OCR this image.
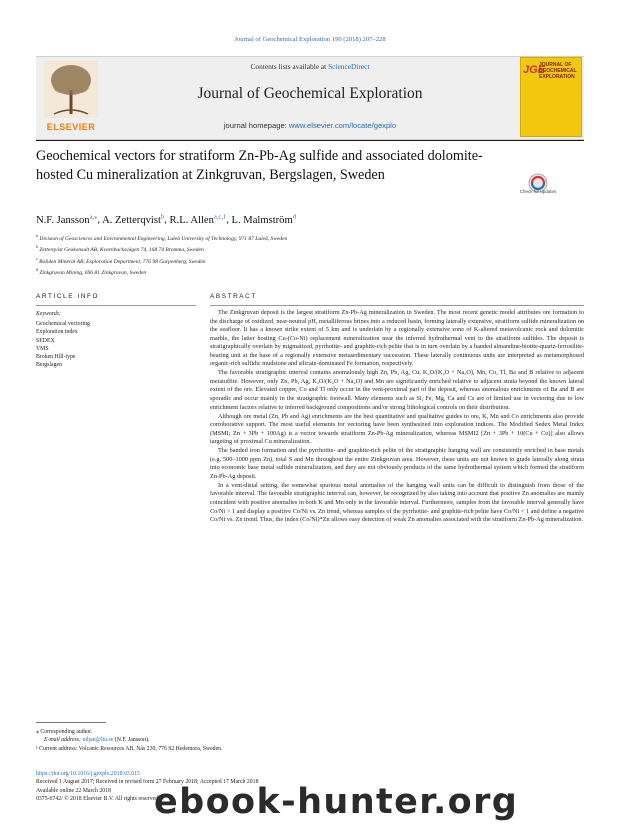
Journal of Geochemical Exploration 190 (2018) 207–228
ELSEVIER
Contents lists available at ScienceDirect
Journal of Geochemical Exploration
journal homepage: www.elsevier.com/locate/gexplo
JGE
JOURNAL OF GEOCHEMICAL EXPLORATION
Geochemical vectors for stratiform Zn-Pb-Ag sulfide and associated dolomite-hosted Cu mineralization at Zinkgruvan, Bergslagen, Sweden
Check for updates
N.F. Jansson$^{a,⁎}$, A. Zetterqvist$^b$, R.L. Allen$^{a,c,1}$, L. Malmström$^d$
$^a$ Division of Geosciences and Environmental Engineering, Luleå University of Technology, 971 87 Luleå, Sweden
$^b$ Zetterqvist Geokonsult AB, Kvarnbacksvägen 74, 168 74 Bromma, Sweden
$^c$ Boliden Mineral AB, Exploration Department, 776 98 Garpenberg, Sweden
$^d$ Zinkgruvan Mining, 696 81 Zinkgruvan, Sweden
ARTICLE INFO
Keywords:
Geochemical vectoring
Exploration index
SEDEX
VMS
Broken Hill-type
Bergslagen
ABSTRACT

The Zinkgruvan deposit is the largest stratiform Zn-Pb-Ag mineralization in Sweden. The most recent genetic model attributes ore formation to the discharge of oxidized, near-neutral pH, metalliferous brines into a reduced basin, forming laterally extensive, stratiform sulfide mineralization on the seafloor. It has a known strike extent of 5 km and is underlain by a regionally extensive zone of K-altered metavolcanic rock and dolomitic marble, the latter hosting Cu-(Co-Ni) replacement mineralization near the inferred hydrothermal vent to the stratiform sulfides. The deposit is stratigraphically overlain by migmatized, pyrrhotite- and graphite-rich pelite that is in turn overlain by a banded almandine-biotite-quartz-ferrosilite-bearing unit at the base of a regionally extensive metasedimentary succession. These laterally continuous units are interpreted as metamorphosed organic-rich sulfidic mudstone and silicate-dominated Fe formation, respectively.

The favorable stratigraphic interval contains anomalously high Zn, Pb, Ag, Cu, K₂O/(K₂O + Na₂O), Mn, Co, Tl, Ba and B relative to adjacent metatuffite. However, only Zn, Pb, Ag, K₂O/(K₂O + Na₂O) and Mn are significantly enriched relative to adjacent strata beyond the known lateral extent of the ore. Elevated copper, Co and Tl only occur in the vent-proximal part of the deposit, whereas anomalous enrichments of Ba and B are sporadic and occur mainly in the stratigraphic footwall. Many elements such as Si, Fe, Mg, Ca and Cs are of limited use in vectoring due to low enrichment factors relative to inferred background compositions and/or strong lithological controls on their distribution.

Although ore metal (Zn, Pb and Ag) enrichments are the best quantitative and qualitative guides to ore, K, Mn and Co enrichments also provide corroborative support. The most useful elements for vectoring have been synthesized into exploration indices. The Modified Sedex Metal Index (MSMI; Zn + 3Pb + 100Ag) is a vector towards stratiform Zn-Pb-Ag mineralization, whereas MSMI2 [Zn + 3Pb + 10(Cu + Co)] also allows targeting of proximal Cu mineralization.

The banded iron formation and the pyrrhotite- and graphite-rich pelite of the stratigraphic hanging wall are consistently enriched in base metals (e.g. 500–1000 ppm Zn), total S and Mn throughout the entire Zinkgruvan area. However, these units are not known to grade laterally along strata into economic base metal sulfide mineralization, and they are not obviously products of the same hydrothermal system which formed the stratiform Zn-Pb-Ag deposit.

In a vent-distal setting, the somewhat spurious metal anomalies of the hanging wall units can be difficult to distinguish from those of the favorable interval. The favorable stratigraphic interval can, however, be recognized by also taking into account that positive Zn anomalies are mainly coincident with positive anomalies in both K and Mn only in the favorable interval. Furthermore, samples from the favorable interval generally have Co/Ni > 1 and display a positive Co/Ni vs. Zn trend, whereas samples of the pyrrhotite- and graphite-rich pelite have Co/Ni < 1 and define a negative Co/Ni vs. Zn trend. Thus, the index (Co/Ni)*Zn allows easy detection of weak Zn anomalies associated with the stratiform Zn-Pb-Ag mineralization.

⁎ Corresponding author.
E-mail address: niljan@ltu.se (N.F. Jansson).
¹ Current address: Volcanic Resources AB, Nås 230, 776 92 Hedemora, Sweden.
https://doi.org/10.1016/j.gexplo.2018.03.015
Received 1 August 2017; Received in revised form 27 February 2018; Accepted 17 March 2018
Available online 22 March 2018
0375-6742/ © 2018 Elsevier B.V. All rights reserved.
ebook-hunter.org
